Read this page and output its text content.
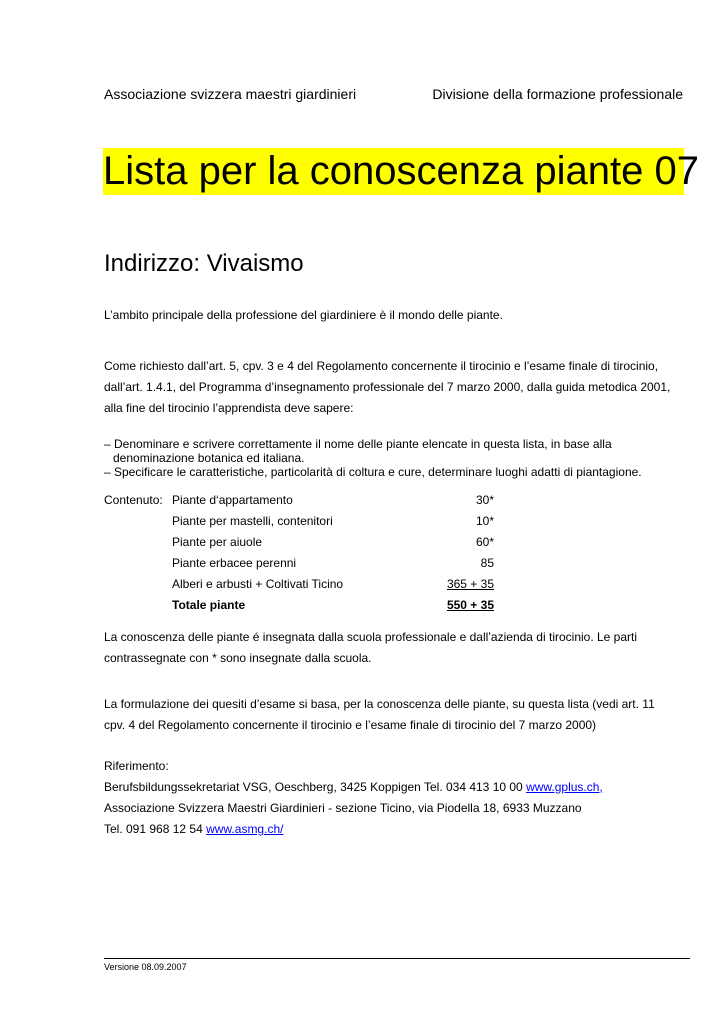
Associazione svizzera maestri giardinieri	Divisione della formazione professionale
Lista per la conoscenza piante 07
Indirizzo: Vivaismo
L’ambito principale della professione del giardiniere è il mondo delle piante.
Come richiesto dall’art. 5, cpv. 3 e 4 del Regolamento concernente il tirocinio e l’esame finale di tirocinio,
dall’art. 1.4.1, del Programma d’insegnamento professionale del 7 marzo 2000, dalla guida metodica 2001,
alla fine del tirocinio l’apprendista deve sapere:
– Denominare e scrivere correttamente il nome delle piante elencate in questa lista, in base alla
denominazione botanica ed italiana.
– Specificare le caratteristiche, particolarità di coltura e cure, determinare luoghi adatti di piantagione.
Contenuto: Piante d‘appartamento	30*
Piante per mastelli, contenitori	10*
Piante per aiuole	60*
Piante erbacee perenni	85
Alberi e arbusti + Coltivati Ticino	365 + 35
Totale piante	550 + 35
La conoscenza delle piante é insegnata dalla scuola professionale e dall’azienda di tirocinio. Le parti
contrassegnate con * sono insegnate dalla scuola.
La formulazione dei quesiti d’esame si basa, per la conoscenza delle piante, su questa lista (vedi art. 11
cpv. 4 del Regolamento concernente il tirocinio e l’esame finale di tirocinio del 7 marzo 2000)
Riferimento:
Berufsbildungssekretariat VSG, Oeschberg, 3425 Koppigen Tel. 034 413 10 00 www.gplus.ch,
Associazione Svizzera Maestri Giardinieri - sezione Ticino, via Piodella 18, 6933 Muzzano
Tel. 091 968 12 54 www.asmg.ch/
Versione 08.09.2007
